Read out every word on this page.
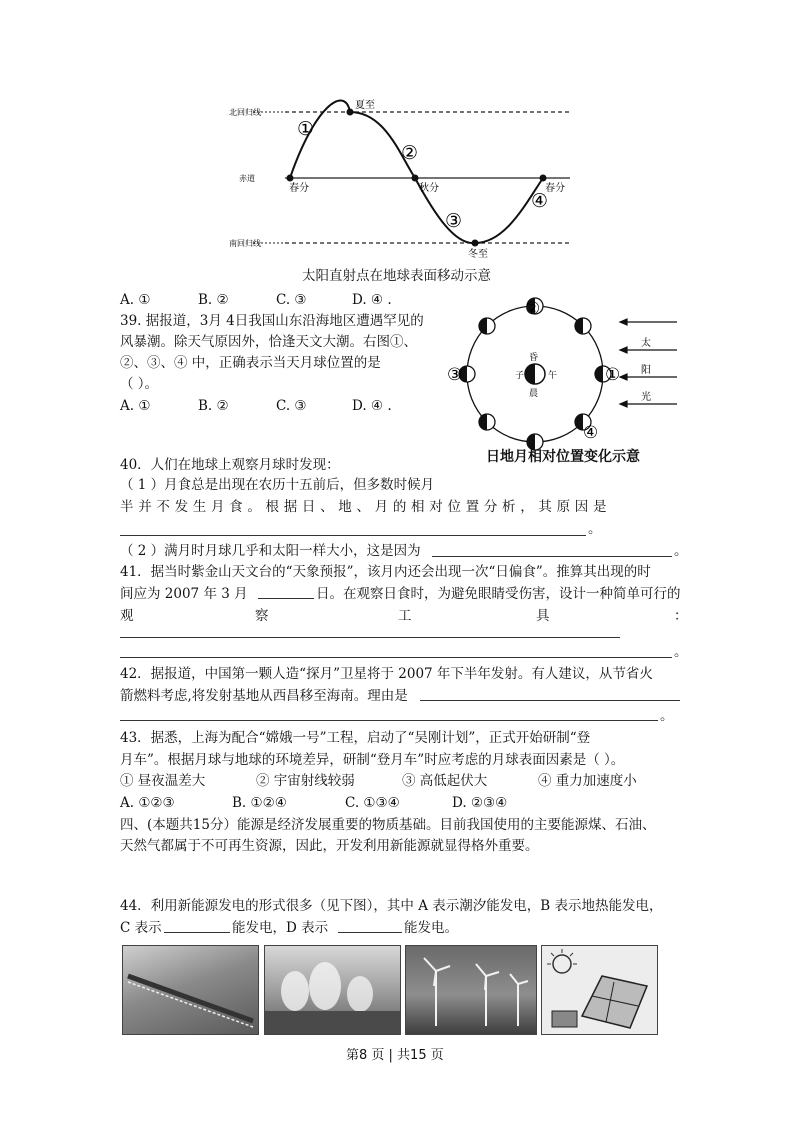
北回归线
赤道
南回归线
夏至
春分	秋分
冬至
春分
①
②
③
④
太阳直射点在地球表面移动示意
A. ①	B. ②	C. ③	D. ④ .
39. 据报道，3月 4日我国山东沿海地区遭遇罕见的
风暴潮。除天气原因外，恰逢天文大潮。右图①、
②、③、④ 中，正确表示当天月球位置的是
（ ）。
A. ①	B. ②	C. ③	D. ④ .
昏
子	午
晨
②
③	①
④
太
阳
光
日地月相对位置变化示意
40．人们在地球上观察月球时发现：
（ 1 ）月食总是出现在农历十五前后，但多数时候月
半 并 不 发 生 月 食 。 根 据 日 、 地 、 月 的 相 对 位 置 分 析 ， 其 原 因 是
。
（ 2 ）满月时月球几乎和太阳一样大小，这是因为	。
41．据当时紫金山天文台的“天象预报”，该月内还会出现一次“日偏食”。推算其出现的时
间应为 2007 年 3 月	日。在观察日食时，为避免眼睛受伤害，设计一种简单可行的
观	察	工	具	：
。
42．据报道，中国第一颗人造“探月”卫星将于 2007 年下半年发射。有人建议，从节省火
箭燃料考虑,将发射基地从西昌移至海南。理由是
。
43．据悉，上海为配合“嫦娥一号”工程，启动了“吴刚计划”，正式开始研制“登
月车”。根据月球与地球的环境差异，研制“登月车”时应考虑的月球表面因素是（ ）。
① 昼夜温差大	② 宇宙射线较弱	③ 高低起伏大	④ 重力加速度小
A. ①②③	B. ①②④	C. ①③④	D. ②③④
四、(本题共15分）能源是经济发展重要的物质基础。目前我国使用的主要能源煤、石油、
天然气都属于不可再生资源，因此，开发利用新能源就显得格外重要。
44．利用新能源发电的形式很多（见下图），其中 A 表示潮汐能发电，B 表示地热能发电，
C 表示	能发电，D 表示	能发电。
第8 页 | 共15 页
